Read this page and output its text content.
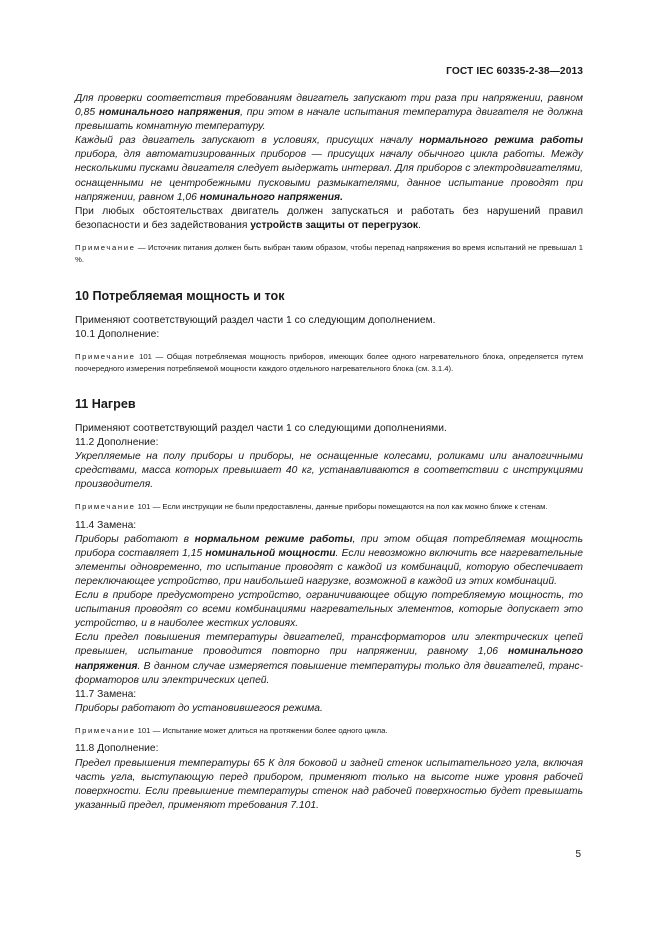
ГОСТ IEC 60335-2-38—2013

Для проверки соответствия требованиям двигатель запускают три раза при напряжении, равном 0,85 номинального напряжения, при этом в начале испытания температура двигателя не должна превышать комнатную температуру.

Каждый раз двигатель запускают в условиях, присущих началу нормального режима работы прибора, для автоматизированных приборов — присущих началу обычного цикла работы. Между несколькими пусками двигателя следует выдержать интервал. Для приборов с электродвигателями, оснащенными не центробежными пусковыми размыкателями, данное испытание проводят при напряжении, равном 1,06 номинального напряжения.

При любых обстоятельствах двигатель должен запускаться и работать без нарушений правил безопасности и без задействования устройств защиты от перегрузок.

Примечание — Источник питания должен быть выбран таким образом, чтобы перепад напряжения во время испытаний не превышал 1 %.

10 Потребляемая мощность и ток

Применяют соответствующий раздел части 1 со следующим дополнением.

10.1 Дополнение:

Примечание 101 — Общая потребляемая мощность приборов, имеющих более одного нагревательного блока, определяется путем поочередного измерения потребляемой мощности каждого отдельного нагревательного блока (см. 3.1.4).

11 Нагрев

Применяют соответствующий раздел части 1 со следующими дополнениями.

11.2 Дополнение:

Укрепляемые на полу приборы и приборы, не оснащенные колесами, роликами или аналогичными средствами, масса которых превышает 40 кг, устанавливаются в соответствии с инструкциями производителя.

Примечание 101 — Если инструкции не были предоставлены, данные приборы помещаются на пол как можно ближе к стенам.

11.4 Замена:

Приборы работают в нормальном режиме работы, при этом общая потребляемая мощность прибора составляет 1,15 номинальной мощности. Если невозможно включить все нагревательные элементы одновременно, то испытание проводят с каждой из комбинаций, которую обеспечивает переключающее устройство, при наибольшей нагрузке, возможной в каждой из этих комбинаций.

Если в приборе предусмотрено устройство, ограничивающее общую потребляемую мощность, то испытания проводят со всеми комбинациями нагревательных элементов, которые допускает это устройство, и в наиболее жестких условиях.

Если предел повышения температуры двигателей, трансформаторов или электрических цепей превышен, испытание проводится повторно при напряжении, равному 1,06 номинального напряжения. В данном случае измеряется повышение температуры только для двигателей, трансформаторов или электрических цепей.

11.7 Замена:

Приборы работают до установившегося режима.

Примечание 101 — Испытание может длиться на протяжении более одного цикла.

11.8 Дополнение:

Предел превышения температуры 65 К для боковой и задней стенок испытательного угла, включая часть угла, выступающую перед прибором, применяют только на высоте ниже уровня рабочей поверхности. Если превышение температуры стенок над рабочей поверхностью будет превышать указанный предел, применяют требования 7.101.

5
